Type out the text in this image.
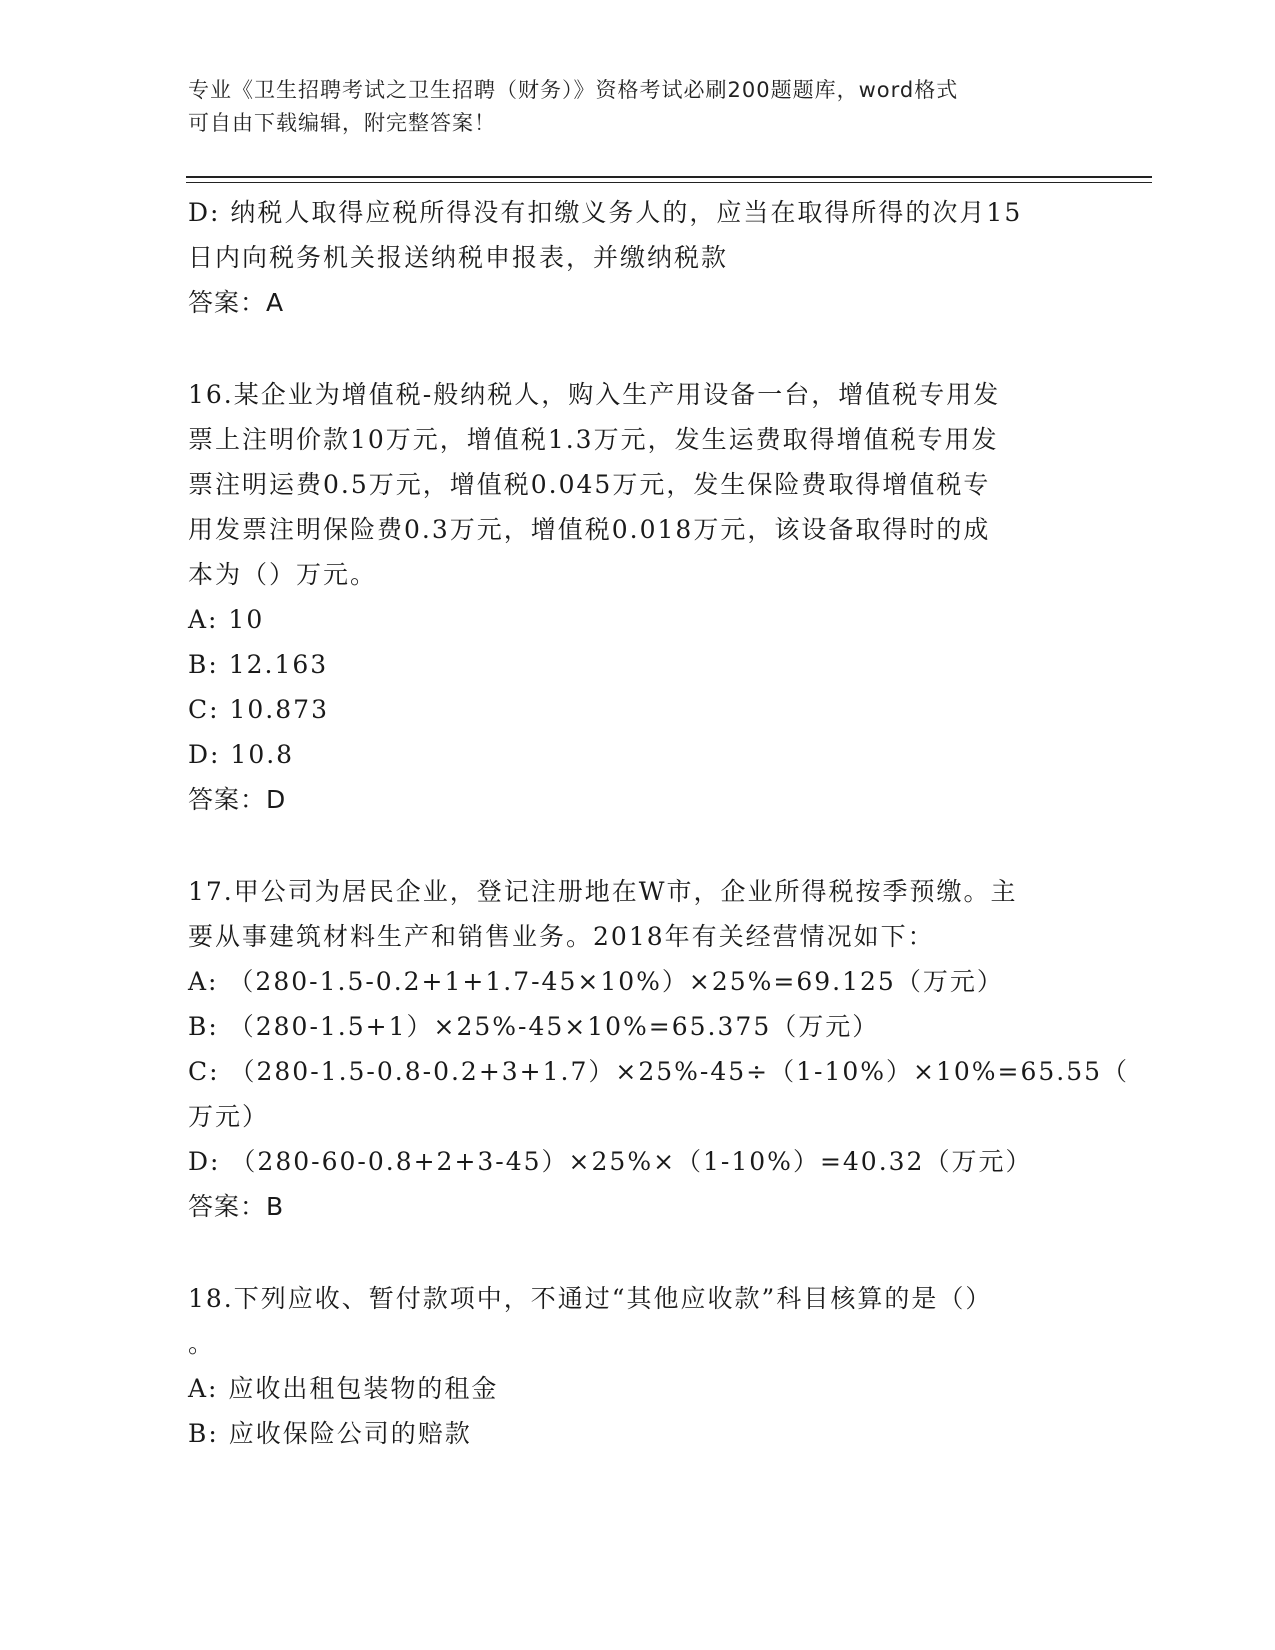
专业《卫生招聘考试之卫生招聘（财务）》资格考试必刷200题题库，word格式
可自由下载编辑，附完整答案！
D: 纳税人取得应税所得没有扣缴义务人的，应当在取得所得的次月15
日内向税务机关报送纳税申报表，并缴纳税款
答案：A
16.某企业为增值税-般纳税人，购入生产用设备一台，增值税专用发
票上注明价款10万元，增值税1.3万元，发生运费取得增值税专用发
票注明运费0.5万元，增值税0.045万元，发生保险费取得增值税专
用发票注明保险费0.3万元，增值税0.018万元，该设备取得时的成
本为（）万元。
A: 10
B: 12.163
C: 10.873
D: 10.8
答案：D
17.甲公司为居民企业，登记注册地在W市，企业所得税按季预缴。主
要从事建筑材料生产和销售业务。2018年有关经营情况如下：
A: （280-1.5-0.2+1+1.7-45×10%）×25%=69.125（万元）
B: （280-1.5+1）×25%-45×10%=65.375（万元）
C: （280-1.5-0.8-0.2+3+1.7）×25%-45÷（1-10%）×10%=65.55（
万元）
D: （280-60-0.8+2+3-45）×25%×（1-10%）=40.32（万元）
答案：B
18.下列应收、暂付款项中，不通过“其他应收款”科目核算的是（）
。
A: 应收出租包装物的租金
B: 应收保险公司的赔款
